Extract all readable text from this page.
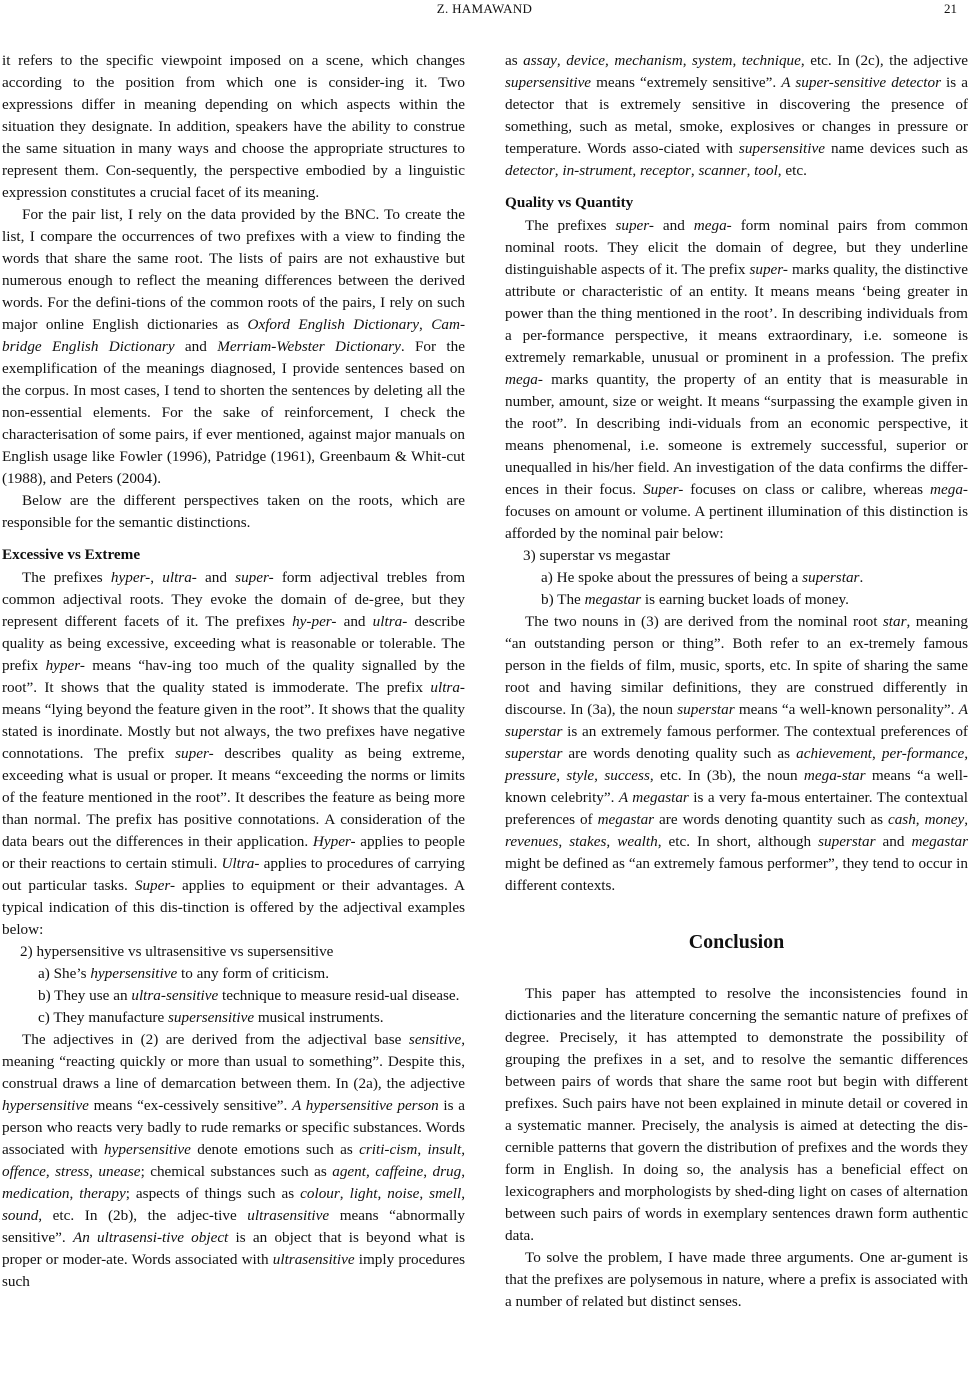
Z. HAMAWAND	21

it refers to the specific viewpoint imposed on a scene, which changes according to the position from which one is consider-ing it. Two expressions differ in meaning depending on which aspects within the situation they designate. In addition, speakers have the ability to construe the same situation in many ways and choose the appropriate structures to represent them. Con-sequently, the perspective embodied by a linguistic expression constitutes a crucial facet of its meaning.

For the pair list, I rely on the data provided by the BNC. To create the list, I compare the occurrences of two prefixes with a view to finding the words that share the same root. The lists of pairs are not exhaustive but numerous enough to reflect the meaning differences between the derived words. For the defini-tions of the common roots of the pairs, I rely on such major online English dictionaries as Oxford English Dictionary, Cam-bridge English Dictionary and Merriam-Webster Dictionary. For the exemplification of the meanings diagnosed, I provide sentences based on the corpus. In most cases, I tend to shorten the sentences by deleting all the non-essential elements. For the sake of reinforcement, I check the characterisation of some pairs, if ever mentioned, against major manuals on English usage like Fowler (1996), Patridge (1961), Greenbaum & Whit-cut (1988), and Peters (2004).

Below are the different perspectives taken on the roots, which are responsible for the semantic distinctions.

Excessive vs Extreme

The prefixes hyper-, ultra- and super- form adjectival trebles from common adjectival roots. They evoke the domain of de-gree, but they represent different facets of it. The prefixes hy-per- and ultra- describe quality as being excessive, exceeding what is reasonable or tolerable. The prefix hyper- means “hav-ing too much of the quality signalled by the root”. It shows that the quality stated is immoderate. The prefix ultra- means “lying beyond the feature given in the root”. It shows that the quality stated is inordinate. Mostly but not always, the two prefixes have negative connotations. The prefix super- describes quality as being extreme, exceeding what is usual or proper. It means “exceeding the norms or limits of the feature mentioned in the root”. It describes the feature as being more than normal. The prefix has positive connotations. A consideration of the data bears out the differences in their application. Hyper- applies to people or their reactions to certain stimuli. Ultra- applies to procedures of carrying out particular tasks. Super- applies to equipment or their advantages. A typical indication of this dis-tinction is offered by the adjectival examples below:

2) hypersensitive vs ultrasensitive vs supersensitive
a) She’s hypersensitive to any form of criticism.
b) They use an ultra-sensitive technique to measure resid-ual disease.
c) They manufacture supersensitive musical instruments.

The adjectives in (2) are derived from the adjectival base sensitive, meaning “reacting quickly or more than usual to something”. Despite this, construal draws a line of demarcation between them. In (2a), the adjective hypersensitive means “ex-cessively sensitive”. A hypersensitive person is a person who reacts very badly to rude remarks or specific substances. Words associated with hypersensitive denote emotions such as criti-cism, insult, offence, stress, unease; chemical substances such as agent, caffeine, drug, medication, therapy; aspects of things such as colour, light, noise, smell, sound, etc. In (2b), the adjec-tive ultrasensitive means “abnormally sensitive”. An ultrasensi-tive object is an object that is beyond what is proper or moder-ate. Words associated with ultrasensitive imply procedures such

as assay, device, mechanism, system, technique, etc. In (2c), the adjective supersensitive means “extremely sensitive”. A super-sensitive detector is a detector that is extremely sensitive in discovering the presence of something, such as metal, smoke, explosives or changes in pressure or temperature. Words asso-ciated with supersensitive name devices such as detector, in-strument, receptor, scanner, tool, etc.

Quality vs Quantity

The prefixes super- and mega- form nominal pairs from common nominal roots. They elicit the domain of degree, but they underline distinguishable aspects of it. The prefix super- marks quality, the distinctive attribute or characteristic of an entity. It means means ‘being greater in power than the thing mentioned in the root’. In describing individuals from a per-formance perspective, it means extraordinary, i.e. someone is extremely remarkable, unusual or prominent in a profession. The prefix mega- marks quantity, the property of an entity that is measurable in number, amount, size or weight. It means “surpassing the example given in the root”. In describing indi-viduals from an economic perspective, it means phenomenal, i.e. someone is extremely successful, superior or unequalled in his/her field. An investigation of the data confirms the differ-ences in their focus. Super- focuses on class or calibre, whereas mega- focuses on amount or volume. A pertinent illumination of this distinction is afforded by the nominal pair below:

3) superstar vs megastar
a) He spoke about the pressures of being a superstar.
b) The megastar is earning bucket loads of money.

The two nouns in (3) are derived from the nominal root star, meaning “an outstanding person or thing”. Both refer to an ex-tremely famous person in the fields of film, music, sports, etc. In spite of sharing the same root and having similar definitions, they are construed differently in discourse. In (3a), the noun superstar means “a well-known personality”. A superstar is an extremely famous performer. The contextual preferences of superstar are words denoting quality such as achievement, per-formance, pressure, style, success, etc. In (3b), the noun mega-star means “a well-known celebrity”. A megastar is a very fa-mous entertainer. The contextual preferences of megastar are words denoting quantity such as cash, money, revenues, stakes, wealth, etc. In short, although superstar and megastar might be defined as “an extremely famous performer”, they tend to occur in different contexts.

Conclusion

This paper has attempted to resolve the inconsistencies found in dictionaries and the literature concerning the semantic nature of prefixes of degree. Precisely, it has attempted to demonstrate the possibility of grouping the prefixes in a set, and to resolve the semantic differences between pairs of words that share the same root but begin with different prefixes. Such pairs have not been explained in minute detail or covered in a systematic manner. Precisely, the analysis is aimed at detecting the dis-cernible patterns that govern the distribution of prefixes and the words they form in English. In doing so, the analysis has a beneficial effect on lexicographers and morphologists by shed-ding light on cases of alternation between such pairs of words in exemplary sentences drawn form authentic data.

To solve the problem, I have made three arguments. One ar-gument is that the prefixes are polysemous in nature, where a prefix is associated with a number of related but distinct senses.
